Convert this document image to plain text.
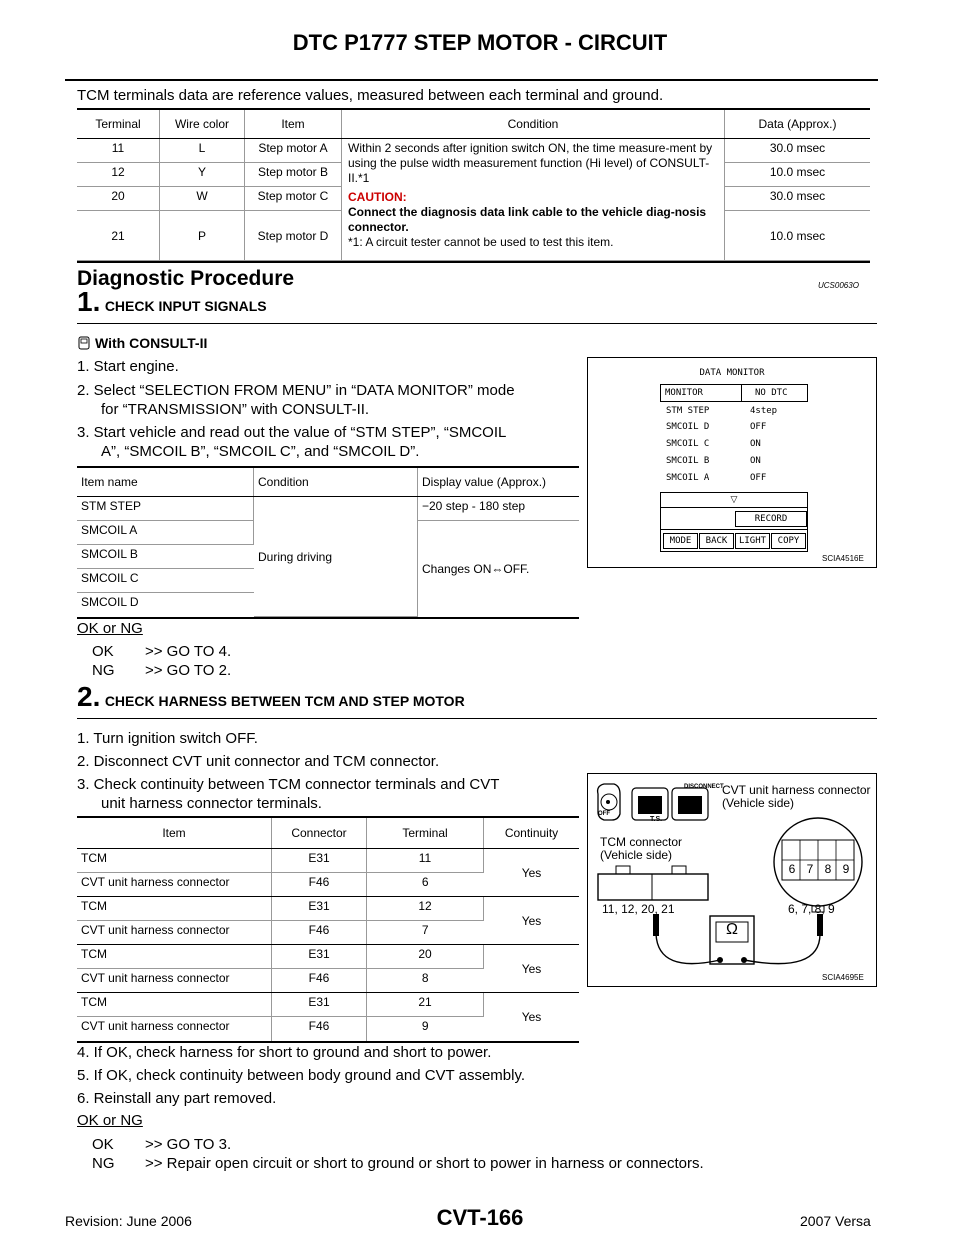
DTC P1777 STEP MOTOR - CIRCUIT
TCM terminals data are reference values, measured between each terminal and ground.
Terminal	Wire color	Item	Condition	Data (Approx.)
11	L	Step motor A	Within 2 seconds after ignition switch ON, the time measure-ment by using the pulse width measurement function (Hi level) of CONSULT-II.*1
CAUTION:
Connect the diagnosis data link cable to the vehicle diag-nosis connector.
*1: A circuit tester cannot be used to test this item.	30.0 msec
12	Y	Step motor B		10.0 msec
20	W	Step motor C		30.0 msec
21	P	Step motor D		10.0 msec
Diagnostic Procedure	UCS0063O
1. CHECK INPUT SIGNALS
With CONSULT-II
1. Start engine.
2. Select “SELECTION FROM MENU” in “DATA MONITOR” mode
for “TRANSMISSION” with CONSULT-II.
3. Start vehicle and read out the value of “STM STEP”, “SMCOIL
A”, “SMCOIL B”, “SMCOIL C”, and “SMCOIL D”.
Item name	Condition	Display value (Approx.)
STM STEP	During driving	−20 step - 180 step
SMCOIL A		Changes ON⇔OFF.
SMCOIL B		
SMCOIL C		
SMCOIL D		
DATA MONITOR
MONITOR	NO DTC
STM STEP	4step
SMCOIL D	OFF
SMCOIL C	ON
SMCOIL B	ON
SMCOIL A	OFF
▽
RECORD
MODE	BACK	LIGHT	COPY
SCIA4516E
OK or NG
OK >> GO TO 4.
NG >> GO TO 2.
2. CHECK HARNESS BETWEEN TCM AND STEP MOTOR
1. Turn ignition switch OFF.
2. Disconnect CVT unit connector and TCM connector.
3. Check continuity between TCM connector terminals and CVT
unit harness connector terminals.
Item	Connector	Terminal	Continuity
TCM	E31	11	Yes
CVT unit harness connector	F46	6	
TCM	E31	12	Yes
CVT unit harness connector	F46	7	
TCM	E31	20	Yes
CVT unit harness connector	F46	8	
TCM	E31	21	Yes
CVT unit harness connector	F46	9	
OFF
DISCONNECT
T.S.
CVT unit harness connector
(Vehicle side)
TCM connector
(Vehicle side)
6 7 8 9
11, 12, 20, 21	6, 7, 8, 9
Ω
SCIA4695E
4. If OK, check harness for short to ground and short to power.
5. If OK, check continuity between body ground and CVT assembly.
6. Reinstall any part removed.
OK or NG
OK >> GO TO 3.
NG >> Repair open circuit or short to ground or short to power in harness or connectors.
Revision: June 2006	CVT-166	2007 Versa
